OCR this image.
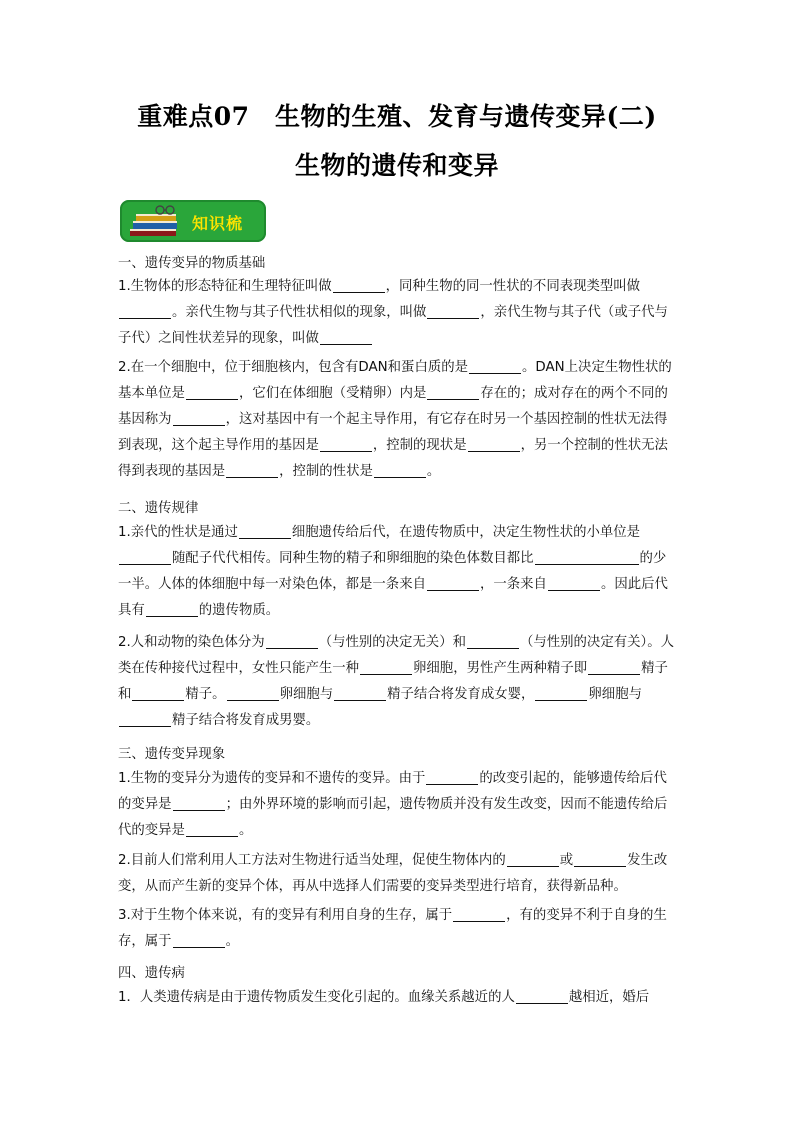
重难点07　生物的生殖、发育与遗传变异(二)
生物的遗传和变异
知识梳
一、遗传变异的物质基础

1.生物体的形态特征和生理特征叫做	，同种生物的同一性状的不同表现类型叫做。亲代生物与其子代性状相似的现象，叫做	，亲代生物与其子代（或子代与子代）之间性状差异的现象，叫做

2.在一个细胞中，位于细胞核内，包含有DAN和蛋白质的是	。DAN上决定生物性状的基本单位是	，它们在体细胞（受精卵）内是	存在的；成对存在的两个不同的基因称为	，这对基因中有一个起主导作用，有它存在时另一个基因控制的性状无法得到表现，这个起主导作用的基因是	，控制的现状是	，另一个控制的性状无法得到表现的基因是	，控制的性状是	。

二、遗传规律

1.亲代的性状是通过	细胞遗传给后代，在遗传物质中，决定生物性状的小单位是随配子代代相传。同种生物的精子和卵细胞的染色体数目都比	的少一半。人体的体细胞中每一对染色体，都是一条来自	，一条来自	。因此后代具有	的遗传物质。

2.人和动物的染色体分为	（与性别的决定无关）和	（与性别的决定有关）。人类在传种接代过程中，女性只能产生一种	卵细胞，男性产生两种精子即	精子和	精子。	卵细胞与	精子结合将发育成女婴，	卵细胞与精子结合将发育成男婴。

三、遗传变异现象

1.生物的变异分为遗传的变异和不遗传的变异。由于	的改变引起的，能够遗传给后代的变异是	；由外界环境的影响而引起，遗传物质并没有发生改变，因而不能遗传给后代的变异是	。

2.目前人们常利用人工方法对生物进行适当处理，促使生物体内的	或	发生改变，从而产生新的变异个体，再从中选择人们需要的变异类型进行培育，获得新品种。

3.对于生物个体来说，有的变异有利用自身的生存，属于	，有的变异不利于自身的生存，属于	。

四、遗传病

1．人类遗传病是由于遗传物质发生变化引起的。血缘关系越近的人	越相近，婚后
